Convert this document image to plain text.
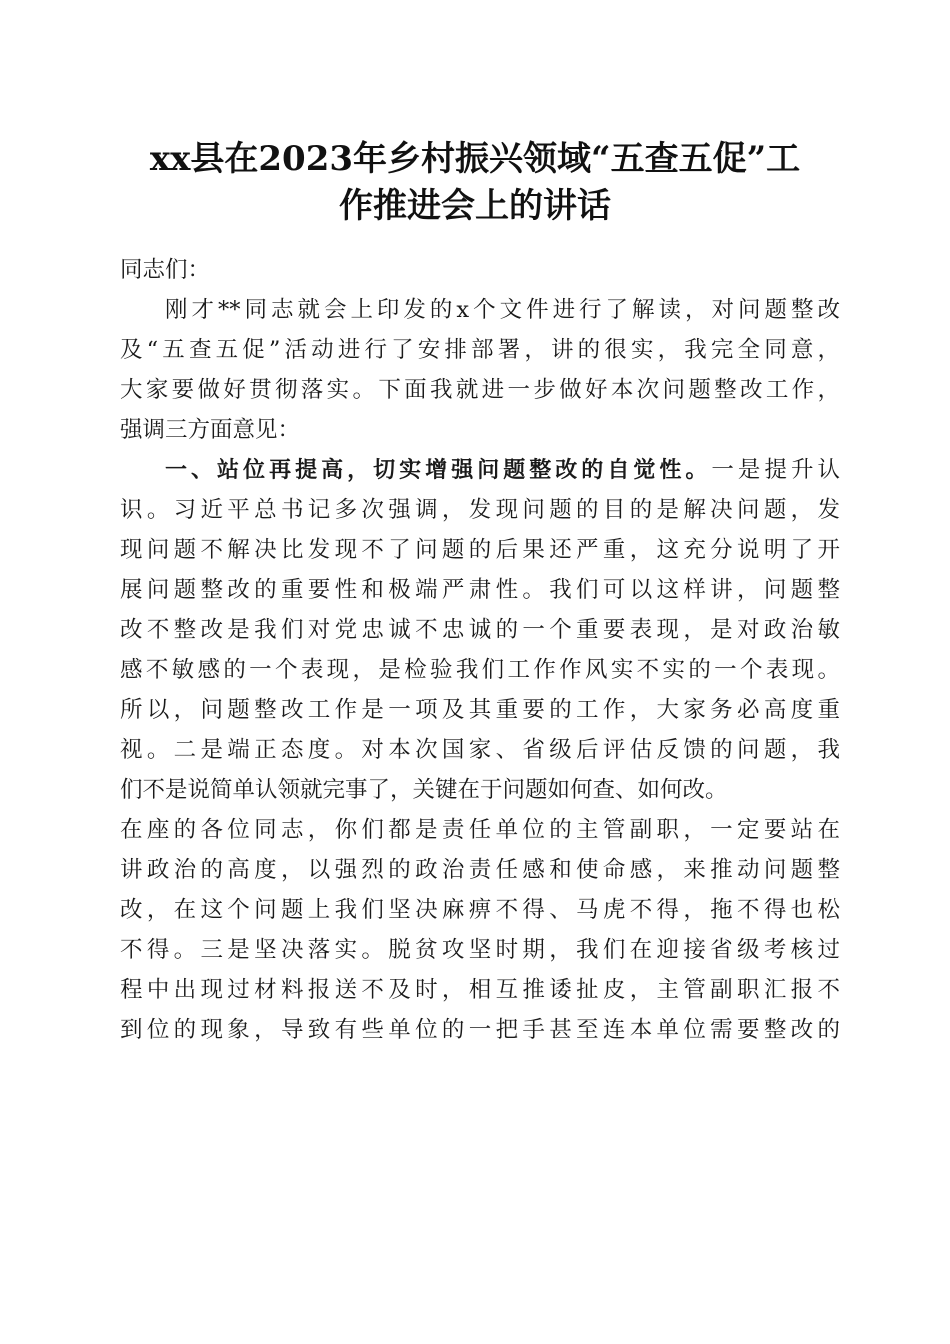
xx县在2023年乡村振兴领域“五查五促”工
作推进会上的讲话
同志们：
刚才**同志就会上印发的x个文件进行了解读，对问题整改
及“五查五促”活动进行了安排部署，讲的很实，我完全同意，
大家要做好贯彻落实。下面我就进一步做好本次问题整改工作，
强调三方面意见：
一、站位再提高，切实增强问题整改的自觉性。一是提升认
识。习近平总书记多次强调，发现问题的目的是解决问题，发
现问题不解决比发现不了问题的后果还严重，这充分说明了开
展问题整改的重要性和极端严肃性。我们可以这样讲，问题整
改不整改是我们对党忠诚不忠诚的一个重要表现，是对政治敏
感不敏感的一个表现，是检验我们工作作风实不实的一个表现。
所以，问题整改工作是一项及其重要的工作，大家务必高度重
视。二是端正态度。对本次国家、省级后评估反馈的问题，我
们不是说简单认领就完事了，关键在于问题如何查、如何改。
在座的各位同志，你们都是责任单位的主管副职，一定要站在
讲政治的高度，以强烈的政治责任感和使命感，来推动问题整
改，在这个问题上我们坚决麻痹不得、马虎不得，拖不得也松
不得。三是坚决落实。脱贫攻坚时期，我们在迎接省级考核过
程中出现过材料报送不及时，相互推诿扯皮，主管副职汇报不
到位的现象，导致有些单位的一把手甚至连本单位需要整改的
